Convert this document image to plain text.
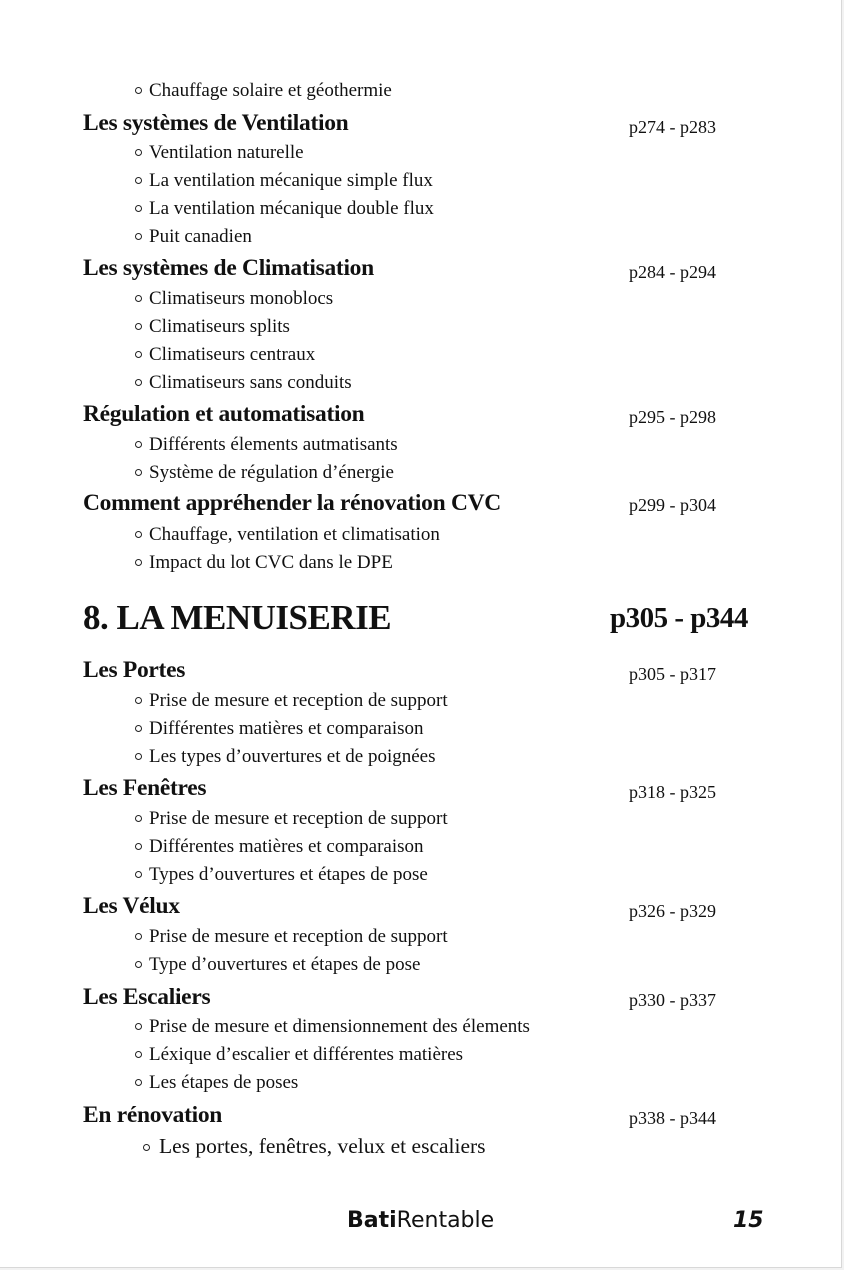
Chauffage solaire et géothermie
Les systèmes de Ventilation	p274 - p283
Ventilation naturelle
La ventilation mécanique simple flux
La ventilation mécanique double flux
Puit canadien
Les systèmes de Climatisation	p284 - p294
Climatiseurs monoblocs
Climatiseurs splits
Climatiseurs centraux
Climatiseurs sans conduits
Régulation et automatisation	p295 - p298
Différents élements autmatisants
Système de régulation d’énergie
Comment appréhender la rénovation CVC	p299 - p304
Chauffage, ventilation et climatisation
Impact du lot CVC dans le DPE
8. LA MENUISERIE	p305 - p344
Les Portes	p305 - p317
Prise de mesure et reception de support
Différentes matières et comparaison
Les types d’ouvertures et de poignées
Les Fenêtres	p318 - p325
Prise de mesure et reception de support
Différentes matières et comparaison
Types d’ouvertures et étapes de pose
Les Vélux	p326 - p329
Prise de mesure et reception de support
Type d’ouvertures et étapes de pose
Les Escaliers	p330 - p337
Prise de mesure et dimensionnement des élements
Léxique d’escalier et différentes matières
Les étapes de poses
En rénovation	p338 - p344
Les portes, fenêtres, velux et escaliers
BatiRentable	15
